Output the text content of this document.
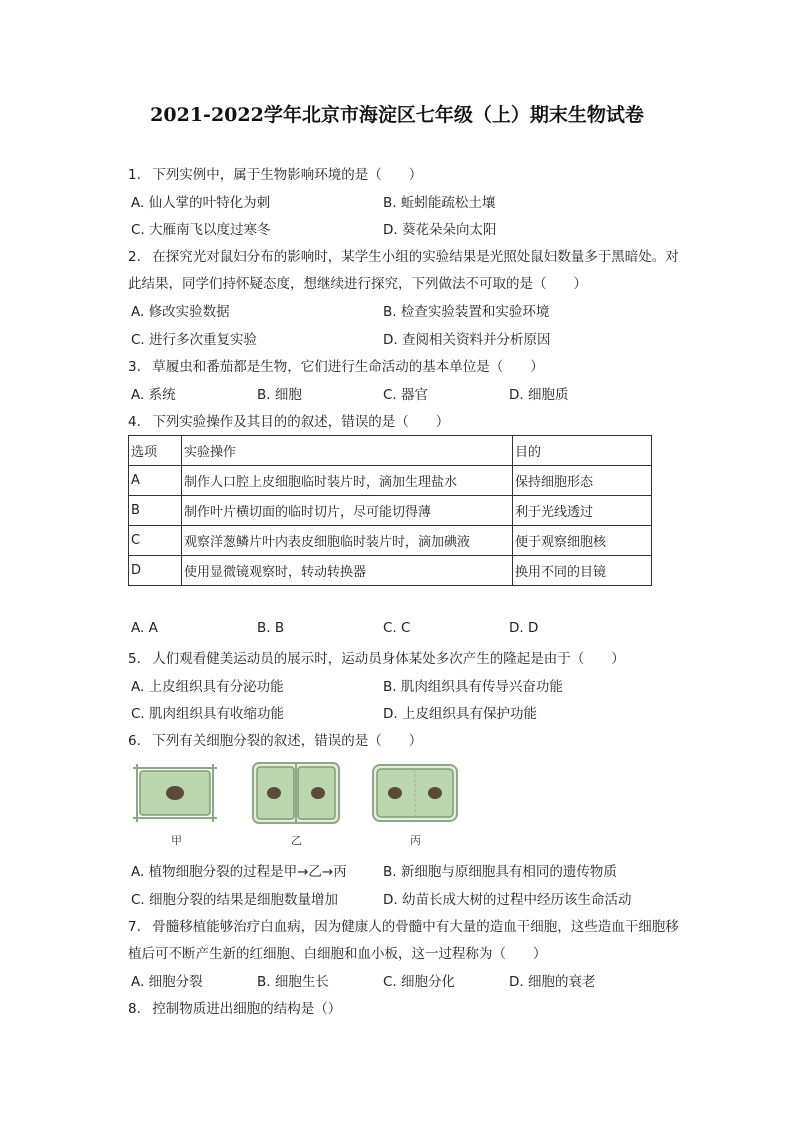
2021-2022学年北京市海淀区七年级（上）期末生物试卷
1. 下列实例中，属于生物影响环境的是（　　）
A. 仙人掌的叶特化为刺	B. 蚯蚓能疏松土壤
C. 大雁南飞以度过寒冬	D. 葵花朵朵向太阳
2. 在探究光对鼠妇分布的影响时，某学生小组的实验结果是光照处鼠妇数量多于黑暗处。对
此结果，同学们持怀疑态度，想继续进行探究，下列做法不可取的是（　　）
A. 修改实验数据	B. 检查实验装置和实验环境
C. 进行多次重复实验	D. 查阅相关资料并分析原因
3. 草履虫和番茄都是生物，它们进行生命活动的基本单位是（　　）
A. 系统	B. 细胞	C. 器官	D. 细胞质
4. 下列实验操作及其目的的叙述，错误的是（　　）
选项	实验操作	目的
A	制作人口腔上皮细胞临时装片时，滴加生理盐水	保持细胞形态
B	制作叶片横切面的临时切片，尽可能切得薄	利于光线透过
C	观察洋葱鳞片叶内表皮细胞临时装片时，滴加碘液	便于观察细胞核
D	使用显微镜观察时，转动转换器	换用不同的目镜
A. A	B. B	C. C	D. D
5. 人们观看健美运动员的展示时，运动员身体某处多次产生的隆起是由于（　　）
A. 上皮组织具有分泌功能	B. 肌肉组织具有传导兴奋功能
C. 肌肉组织具有收缩功能	D. 上皮组织具有保护功能
6. 下列有关细胞分裂的叙述，错误的是（　　）
甲	乙	丙
A. 植物细胞分裂的过程是甲→乙→丙	B. 新细胞与原细胞具有相同的遗传物质
C. 细胞分裂的结果是细胞数量增加	D. 幼苗长成大树的过程中经历该生命活动
7. 骨髓移植能够治疗白血病，因为健康人的骨髓中有大量的造血干细胞，这些造血干细胞移
植后可不断产生新的红细胞、白细胞和血小板，这一过程称为（　　）
A. 细胞分裂	B. 细胞生长	C. 细胞分化	D. 细胞的衰老
8. 控制物质进出细胞的结构是（）
